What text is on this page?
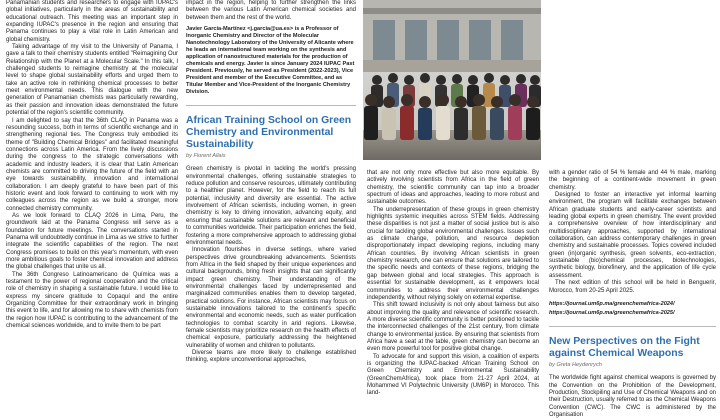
Panamanian students and researchers to engage with IUPAC's global initiatives, particularly in the areas of sustainability and educational outreach. This meeting was an important step in expanding IUPAC's presence in the region and ensuring that Panama continues to play a vital role in Latin American and global chemistry.

Taking advantage of my visit to the University of Panama, I gave a talk to their chemistry students entitled "Reimagining Our Relationship with the Planet at a Molecular Scale." In this talk, I challenged students to reimagine chemistry at the molecular level to shape global sustainability efforts and urged them to take an active role in rethinking chemical processes to better meet environmental needs. This dialogue with the new generation of Panamanian chemists was particularly rewarding, as their passion and innovation ideas demonstrated the future potential of the region's scientific community.

I am delighted to say that the 36th CLAQ in Panama was a resounding success, both in terms of scientific exchange and in strengthening regional ties. The Congress truly embodied its theme of "Building Chemical Bridges" and facilitated meaningful connections across Latin America. From the lively discussions during the congress to the strategic conversations with academic and industry leaders, it is clear that Latin American chemists are committed to driving the future of the field with an eye towards sustainability, innovation and international collaboration. I am deeply grateful to have been part of this historic event and look forward to continuing to work with my colleagues across the region as we build a stronger, more connected chemistry community.

As we look forward to CLAQ 2026 in Lima, Peru, the groundwork laid at the Panama Congress will serve as a foundation for future meetings. The conversations started in Panama will undoubtedly continue in Lima as we strive to further integrate the scientific capabilities of the region. The next Congress promises to build on this year's momentum, with even more ambitious goals to foster chemical innovation and address the global challenges that unite us all.

The 36th Congreso Latinoamericano de Química was a testament to the power of regional cooperation and the critical role of chemistry in shaping a sustainable future. I would like to express my sincere gratitude to Copaquí and the entire Organizing Committee for their extraordinary work in bringing this event to life, and for allowing me to share with chemists from the region how IUPAC is contributing to the advancement of the chemical sciences worldwide, and to invite them to be part

impact in the region, helping to further strengthen the links between the various Latin American chemical societies and between them and the rest of the world.

Javier García-Martínez <j.garcia@ua.es> is a Professor of Inorganic Chemistry and Director of the Molecular Nanotechnology Laboratory of the University of Alicante where he leads an international team working on the synthesis and application of nanostructured materials for the production of chemicals and energy. Javier is since January 2024 IUPAC Past President. Previously, he served as President (2022-2023), Vice President and member of the Executive Committee, and as Titular Member and Vice-President of the Inorganic Chemistry Division.

African Training School on Green Chemistry and Environmental Sustainability
by Florent Allais

Green chemistry is pivotal in tackling the world's pressing environmental challenges, offering sustainable strategies to reduce pollution and conserve resources, ultimately contributing to a healthier planet. However, for the field to reach its full potential, inclusivity and diversity are essential. The active involvement of African scientists, including women, in green chemistry is key to driving innovation, advancing equity, and ensuring that sustainable solutions are relevant and beneficial to communities worldwide. Their participation enriches the field, fostering a more comprehensive approach to addressing global environmental needs.

Innovation flourishes in diverse settings, where varied perspectives drive groundbreaking advancements. Scientists from Africa in the field shaped by their unique experiences and cultural backgrounds, bring fresh insights that can significantly impact green chemistry. Their understanding of the environmental challenges faced by underrepresented and marginalized communities enables them to develop targeted, practical solutions. For instance, African scientists may focus on sustainable innovations tailored to the continent's specific environmental and economic needs, such as water purification technologies to combat scarcity in arid regions. Likewise, female scientists may prioritize research on the health effects of chemical exposure, particularly addressing the heightened vulnerability of women and children to pollutants.

Diverse teams are more likely to challenge established thinking, explore unconventional approaches,

that are not only more effective but also more equitable. By actively involving scientists from Africa in the field of green chemistry, the scientific community can tap into a broader spectrum of ideas and approaches, leading to more robust and sustainable outcomes.

The underrepresentation of these groups in green chemistry highlights systemic inequities across STEM fields. Addressing these disparities is not just a matter of social justice but is also crucial for tackling global environmental challenges. Issues such as climate change, pollution, and resource depletion disproportionately impact developing regions, including many African countries. By involving African scientists in green chemistry research, one can ensure that solutions are tailored to the specific needs and contexts of these regions, bridging the gap between global and local strategies. This approach is essential for sustainable development, as it empowers local communities to address their environmental challenges independently, without relying solely on external expertise.

This shift toward inclusivity is not only about fairness but also about improving the quality and relevance of scientific research. A more diverse scientific community is better positioned to tackle the interconnected challenges of the 21st century, from climate change to environmental justice. By ensuring that scientists from Africa have a seat at the table, green chemistry can become an even more powerful tool for positive global change.

To advocate for and support this vision, a coalition of experts is organizing the IUPAC-backed African Training School on Green Chemistry and Environmental Sustainability (GreenChemAfrica), took place from 21-27 April 2024, at Mohammed VI Polytechnic University (UM6P) in Morocco. This land-

with a gender ratio of 54 % female and 44 % male, marking the beginning of a continent-wide movement in green chemistry.

Designed to foster an interactive yet informal learning environment, the program will facilitate exchanges between African graduate students and early-career scientists and leading global experts in green chemistry. The event provided a comprehensive overview of how interdisciplinary and multidisciplinary approaches, supported by international collaboration, can address contemporary challenges in green chemistry and sustainable processes. Topics covered included green (in)organic synthesis, green solvents, eco-extraction, sustainable (bio)chemical processes, biotechnologies, synthetic biology, biorefinery, and the application of life cycle assessment.

The next edition of this school will be held in Benguerir, Morocco, from 20-25 April 2025.

https://journal.um6p.ma/greenchemafrica-2024/

https://journal.um6p.ma/greenchemafrica-2025/

New Perspectives on the Fight against Chemical Weapons
by Greta Heydenrych

The worldwide fight against chemical weapons is governed by the Convention on the Prohibition of the Development, Production, Stockpiling and Use of Chemical Weapons and on their Destruction, usually referred to as the Chemical Weapons Convention (CWC). The CWC is administered by the Organisation
